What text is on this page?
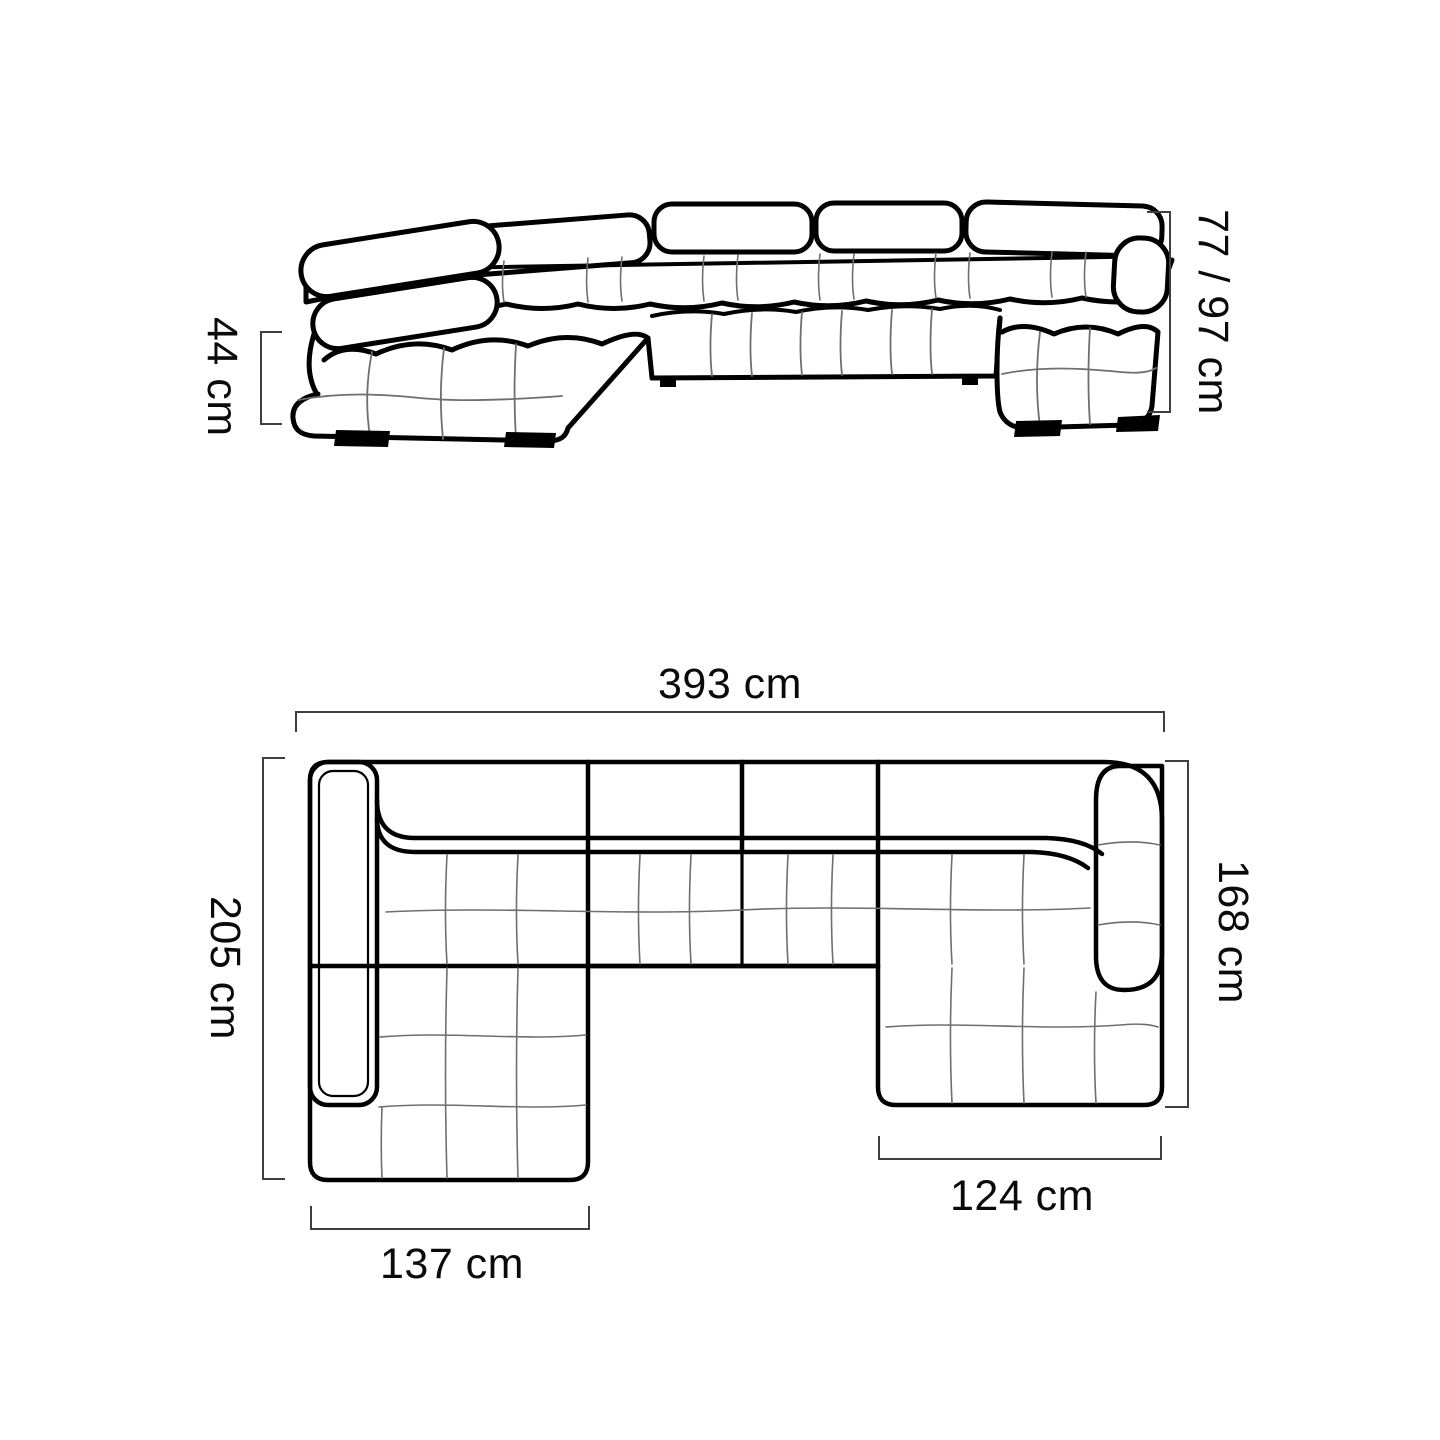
393 cm
44 cm	77 / 97 cm
205 cm	168 cm
137 cm
124 cm
